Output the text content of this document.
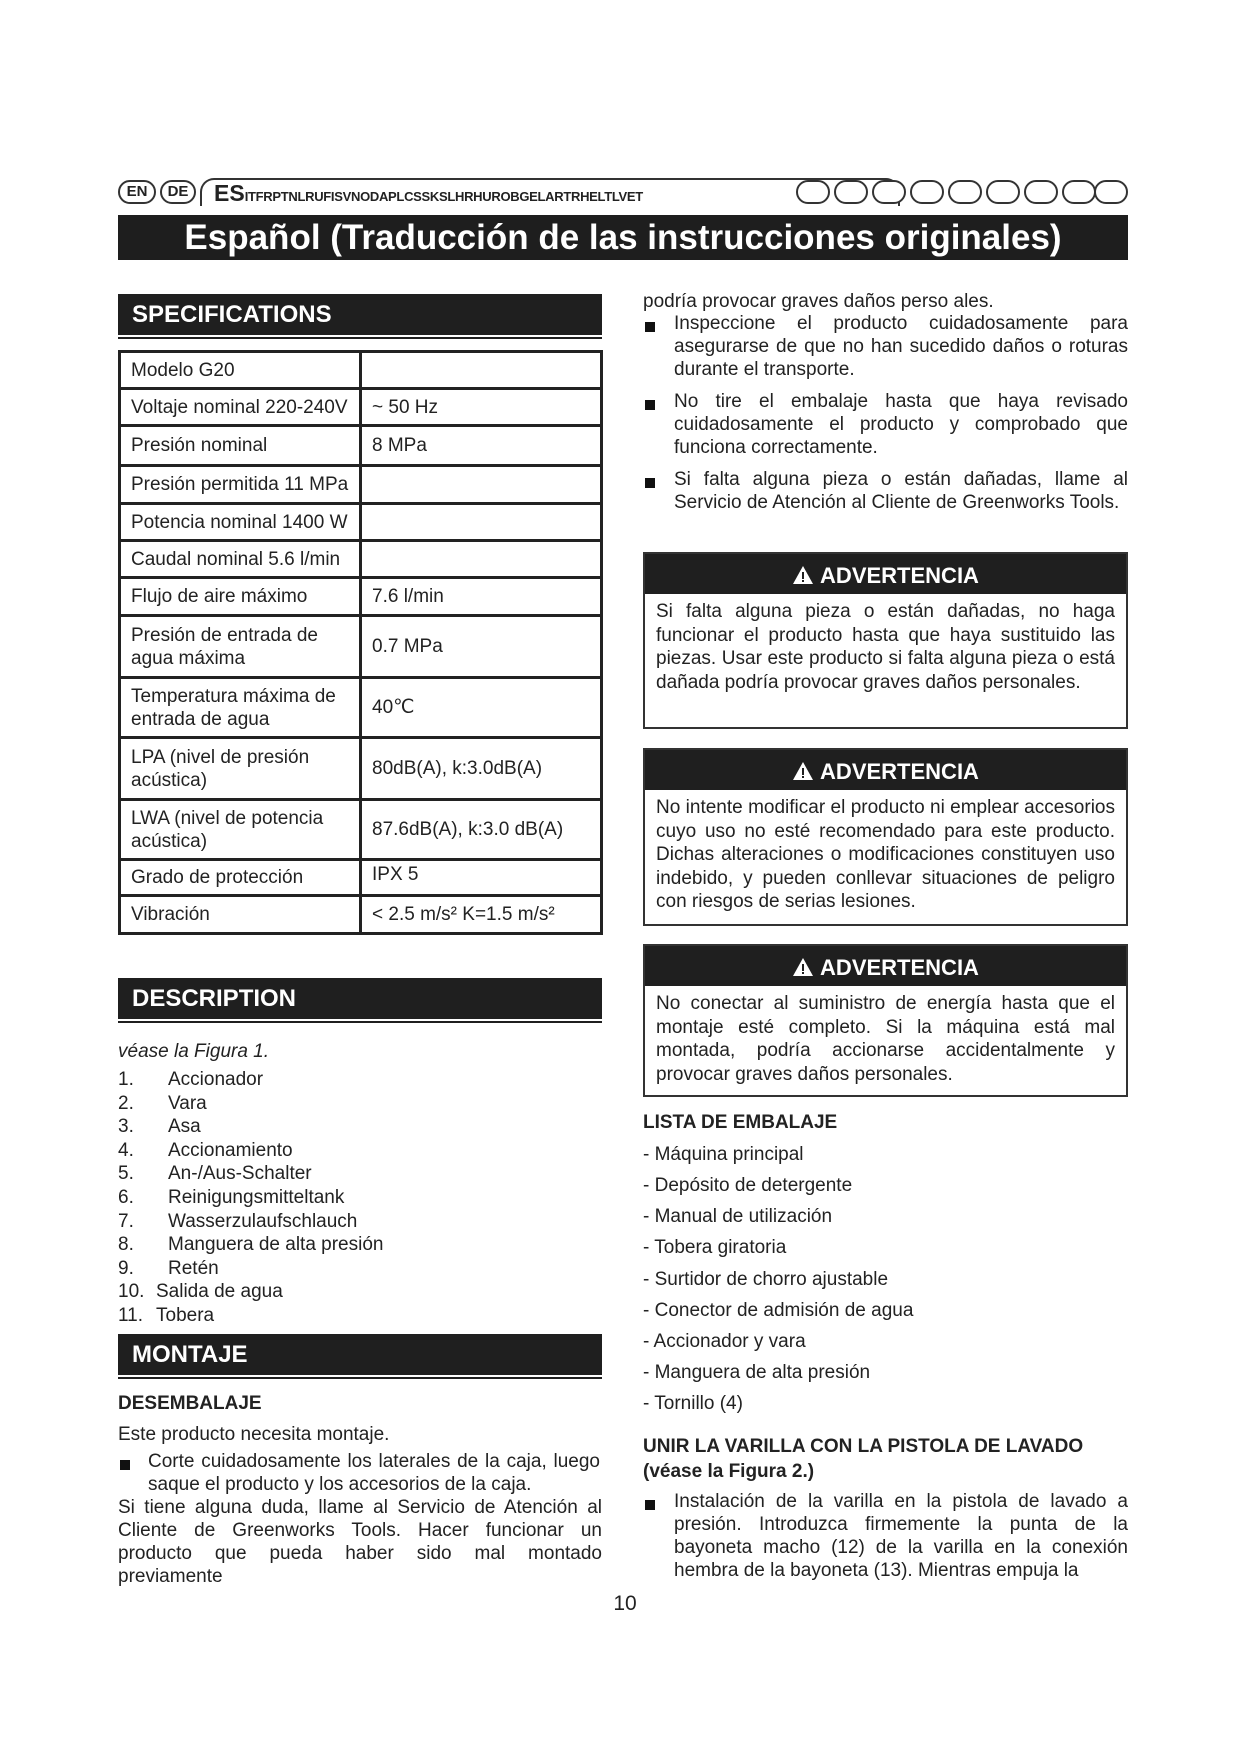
EN	DE	ESITFRPTNLRUFISVNODAPLCSSKSLHRHUROBGELARTRHELTLVET
Español (Traducción de las instrucciones originales)
SPECIFICATIONS
Modelo G20	
Voltaje nominal 220-240V	~ 50 Hz
Presión nominal	8 MPa
Presión permitida 11 MPa	
Potencia nominal 1400 W	
Caudal nominal 5.6 l/min	
Flujo de aire máximo	7.6 l/min
Presión de entrada de agua máxima	0.7 MPa
Temperatura máxima de entrada de agua	40℃
LPA (nivel de presión acústica)	80dB(A), k:3.0dB(A)
LWA (nivel de potencia acústica)	87.6dB(A), k:3.0 dB(A)
Grado de protección	IPX 5
Vibración	< 2.5 m/s² K=1.5 m/s²
DESCRIPTION
véase la Figura 1.
1. Accionador
2. Vara
3. Asa
4. Accionamiento
5. An-/Aus-Schalter
6. Reinigungsmitteltank
7. Wasserzulaufschlauch
8. Manguera de alta presión
9. Retén
10. Salida de agua
11. Tobera
MONTAJE
DESEMBALAJE
Este producto necesita montaje.
Corte cuidadosamente los laterales de la caja, luego saque el producto y los accesorios de la caja.
Si tiene alguna duda, llame al Servicio de Atención al Cliente de Greenworks Tools. Hacer funcionar un producto que pueda haber sido mal montado previamente
podría provocar graves daños perso ales.
Inspeccione el producto cuidadosamente para asegurarse de que no han sucedido daños o roturas durante el transporte.
No tire el embalaje hasta que haya revisado cuidadosamente el producto y comprobado que funciona correctamente.
Si falta alguna pieza o están dañadas, llame al Servicio de Atención al Cliente de Greenworks Tools.
ADVERTENCIA
Si falta alguna pieza o están dañadas, no haga funcionar el producto hasta que haya sustituido las piezas. Usar este producto si falta alguna pieza o está dañada podría provocar graves daños personales.
ADVERTENCIA
No intente modificar el producto ni emplear accesorios cuyo uso no esté recomendado para este producto. Dichas alteraciones o modificaciones constituyen uso indebido, y pueden conllevar situaciones de peligro con riesgos de serias lesiones.
ADVERTENCIA
No conectar al suministro de energía hasta que el montaje esté completo. Si la máquina está mal montada, podría accionarse accidentalmente y provocar graves daños personales.
LISTA DE EMBALAJE
- Máquina principal
- Depósito de detergente
- Manual de utilización
- Tobera giratoria
- Surtidor de chorro ajustable
- Conector de admisión de agua
- Accionador y vara
- Manguera de alta presión
- Tornillo (4)
UNIR LA VARILLA CON LA PISTOLA DE LAVADO
(véase la Figura 2.)
Instalación de la varilla en la pistola de lavado a presión. Introduzca firmemente la punta de la bayoneta macho (12) de la varilla en la conexión hembra de la bayoneta (13). Mientras empuja la
10
